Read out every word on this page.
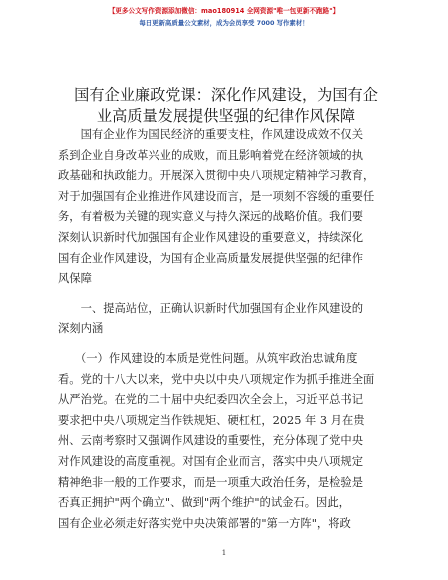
【更多公文写作资源添加微信：mao180914 全网资源"唯一包更新不跑路"】
每日更新高质量公文素材，成为会员享受 7000 写作素材！
国有企业廉政党课：深化作风建设，为国有企
业高质量发展提供坚强的纪律作风保障
　　国有企业作为国民经济的重要支柱，作风建设成效不仅关
系到企业自身改革兴业的成败，而且影响着党在经济领域的执
政基础和执政能力。开展深入贯彻中央八项规定精神学习教育，
对于加强国有企业推进作风建设而言，是一项刻不容缓的重要任
务，有着极为关键的现实意义与持久深远的战略价值。我们要
深刻认识新时代加强国有企业作风建设的重要意义，持续深化
国有企业作风建设，为国有企业高质量发展提供坚强的纪律作
风保障
　　一、提高站位，正确认识新时代加强国有企业作风建设的
深刻内涵
　　（一）作风建设的本质是党性问题。从筑牢政治忠诚角度
看。党的十八大以来，党中央以中央八项规定作为抓手推进全面
从严治党。在党的二十届中央纪委四次全会上，习近平总书记
要求把中央八项规定当作铁规矩、硬杠杠，2025 年 3 月在贵
州、云南考察时又强调作风建设的重要性，充分体现了党中央
对作风建设的高度重视。对国有企业而言，落实中央八项规定
精神绝非一般的工作要求，而是一项重大政治任务，是检验是
否真正拥护"两个确立"、做到"两个维护"的试金石。因此，
国有企业必须走好落实党中央决策部署的"第一方阵"，将政
1
